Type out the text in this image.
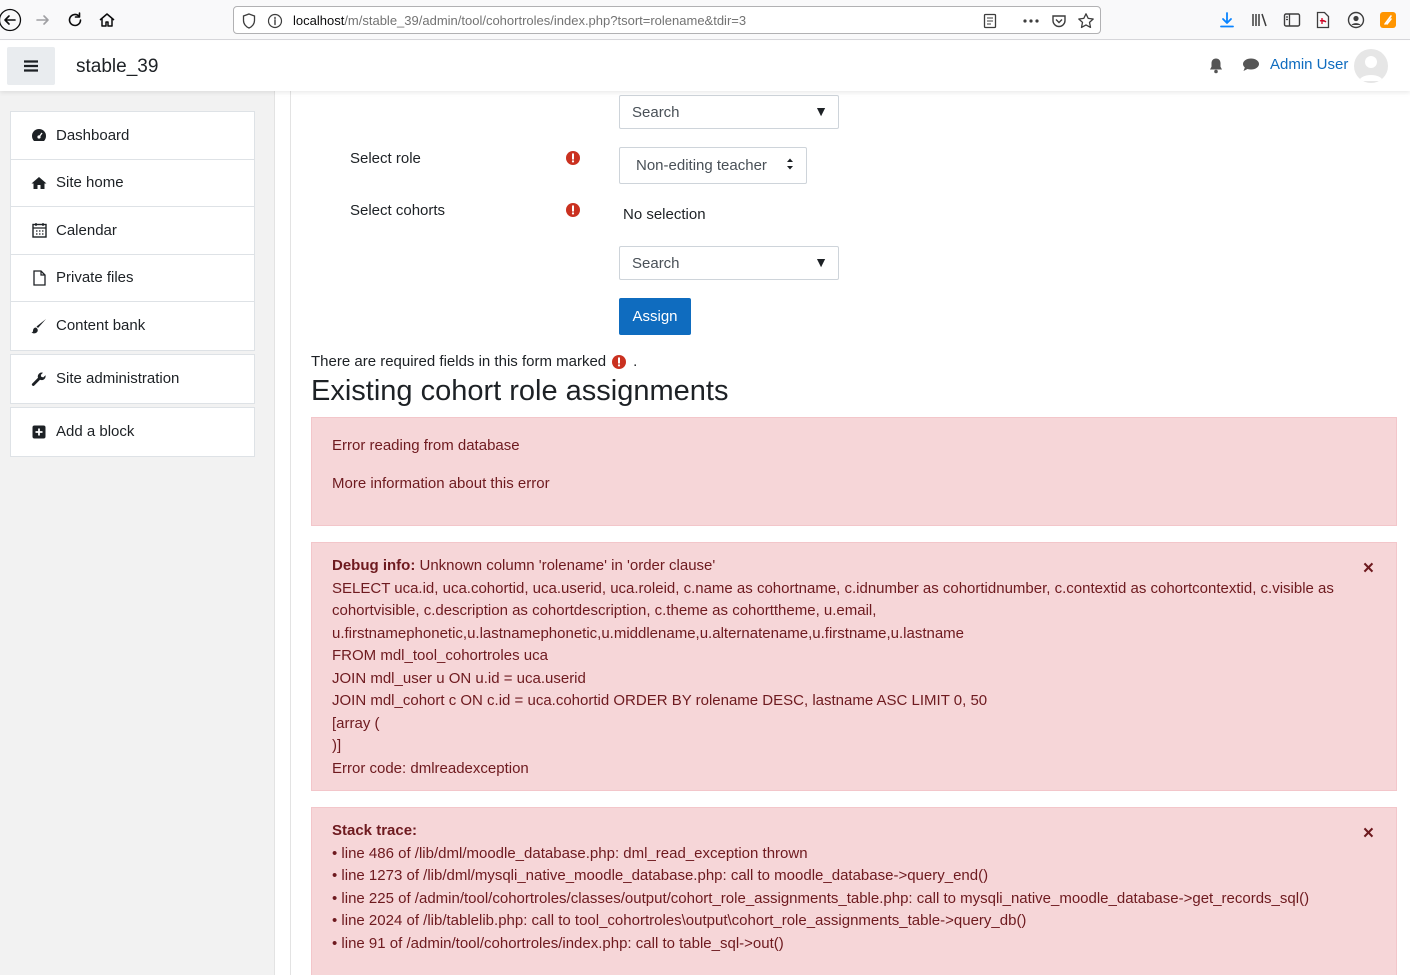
localhost/m/stable_39/admin/tool/cohortroles/index.php?tsort=rolename&tdir=3
stable_39	Admin User
Dashboard
Site home
Calendar
Private files
Content bank
Site administration
Add a block
Search	▼
Select role	Non-editing teacher
Select cohorts	No selection
Search	▼
Assign
There are required fields in this form marked .
Existing cohort role assignments
Error reading from database
More information about this error
Debug info: Unknown column 'rolename' in 'order clause'	×
SELECT uca.id, uca.cohortid, uca.userid, uca.roleid, c.name as cohortname, c.idnumber as cohortidnumber, c.contextid as cohortcontextid, c.visible as
cohortvisible, c.description as cohortdescription, c.theme as cohorttheme, u.email,
u.firstnamephonetic,u.lastnamephonetic,u.middlename,u.alternatename,u.firstname,u.lastname
FROM mdl_tool_cohortroles uca
JOIN mdl_user u ON u.id = uca.userid
JOIN mdl_cohort c ON c.id = uca.cohortid ORDER BY rolename DESC, lastname ASC LIMIT 0, 50
[array (
)]
Error code: dmlreadexception
Stack trace:	×
• line 486 of /lib/dml/moodle_database.php: dml_read_exception thrown
• line 1273 of /lib/dml/mysqli_native_moodle_database.php: call to moodle_database->query_end()
• line 225 of /admin/tool/cohortroles/classes/output/cohort_role_assignments_table.php: call to mysqli_native_moodle_database->get_records_sql()
• line 2024 of /lib/tablelib.php: call to tool_cohortroles\output\cohort_role_assignments_table->query_db()
• line 91 of /admin/tool/cohortroles/index.php: call to table_sql->out()
